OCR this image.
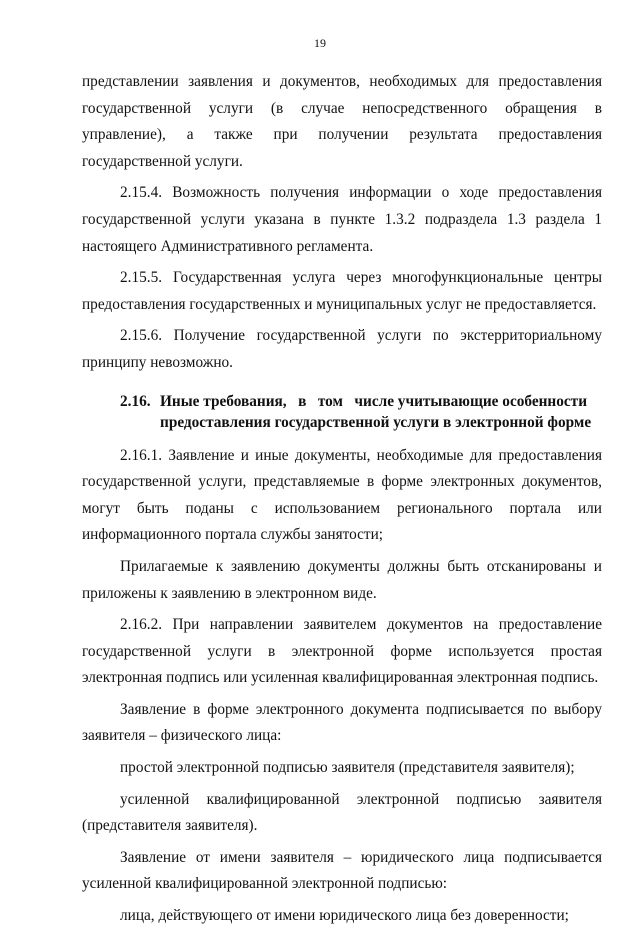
19

представлении заявления и документов, необходимых для предоставления государственной услуги (в случае непосредственного обращения в управление), а также при получении результата предоставления государственной услуги.

2.15.4. Возможность получения информации о ходе предоставления государственной услуги указана в пункте 1.3.2 подраздела 1.3 раздела 1 настоящего Административного регламента.

2.15.5. Государственная услуга через многофункциональные центры предоставления государственных и муниципальных услуг не предоставляется.

2.15.6. Получение государственной услуги по экстерриториальному принципу невозможно.

2.16. Иные требования,   в   том   числе учитывающие особенности
предоставления государственной услуги в электронной форме

2.16.1. Заявление и иные документы, необходимые для предоставления государственной услуги, представляемые в форме электронных документов, могут быть поданы с использованием регионального портала или информационного портала службы занятости;

Прилагаемые к заявлению документы должны быть отсканированы и приложены к заявлению в электронном виде.

2.16.2. При направлении заявителем документов на предоставление государственной услуги в электронной форме используется простая электронная подпись или усиленная квалифицированная электронная подпись.

Заявление в форме электронного документа подписывается по выбору заявителя – физического лица:

простой электронной подписью заявителя (представителя заявителя);

усиленной квалифицированной электронной подписью заявителя (представителя заявителя).

Заявление от имени заявителя – юридического лица подписывается усиленной квалифицированной электронной подписью:

лица, действующего от имени юридического лица без доверенности;
